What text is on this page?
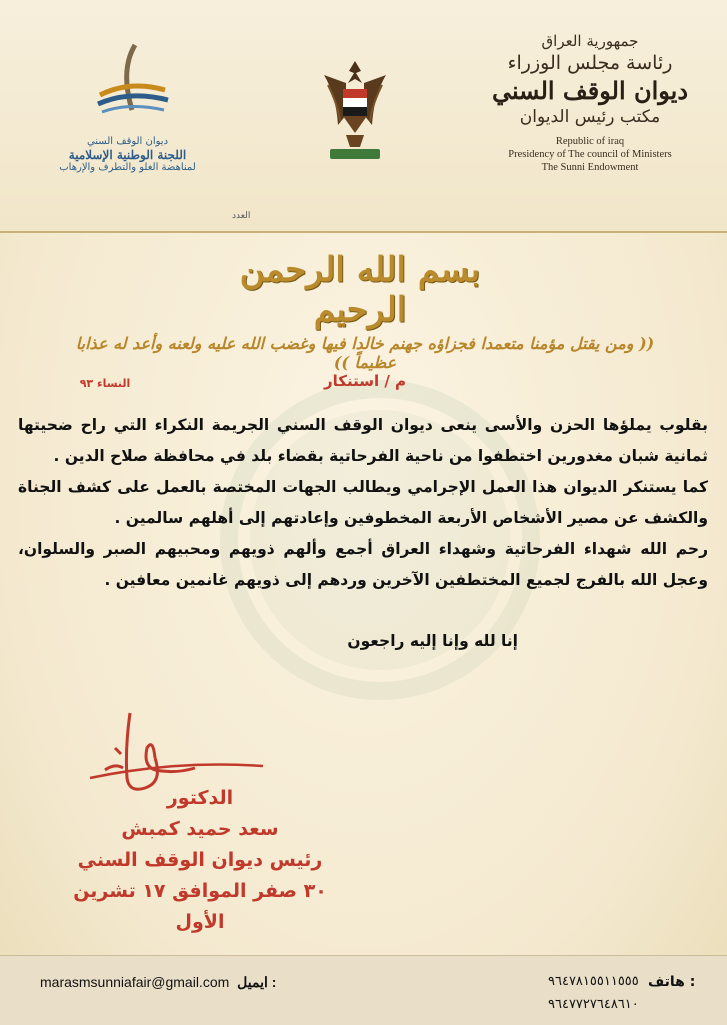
ديوان الوقف السني
اللجنة الوطنية الإسلامية
لمناهضة الغلو والتطرف والإرهاب
جمهورية العراق
رئاسة مجلس الوزراء
ديوان الوقف السني
مكتب رئيس الديوان
Republic of iraq
Presidency of The council of Ministers
The Sunni Endowment
العدد
بسم الله الرحمن الرحيم
(( ومن يقتل مؤمنا متعمدا فجزاؤه جهنم خالدا فيها وغضب الله عليه ولعنه وأعد له عذابا عظيماً ))
م / استنكار
النساء ٩٣

بقلوب يملؤها الحزن والأسى ينعى ديوان الوقف السني الجريمة النكراء التي راح ضحيتها ثمانية شبان مغدورين اختطفوا من ناحية الفرحاتية بقضاء بلد في محافظة صلاح الدين .

كما يستنكر الديوان هذا العمل الإجرامي ويطالب الجهات المختصة بالعمل على كشف الجناة والكشف عن مصير الأشخاص الأربعة المخطوفين وإعادتهم إلى أهلهم سالمين .

رحم الله شهداء الفرحاتية وشهداء العراق أجمع وألهم ذويهم ومحبيهم الصبر والسلوان، وعجل الله بالفرج لجميع المختطفين الآخرين وردهم إلى ذويهم غانمين معافين .

إنا لله وإنا إليه راجعون
الدكتور
سعد حميد كمبش
رئيس ديوان الوقف السني
٣٠ صفر الموافق ١٧ تشرين الأول
marasmsunniafair@gmail.com ايميل :	٩٦٤٧٨١٥٥١١٥٥٥ هاتف :
٩٦٤٧٧٢٧٦٤٨٦١٠
